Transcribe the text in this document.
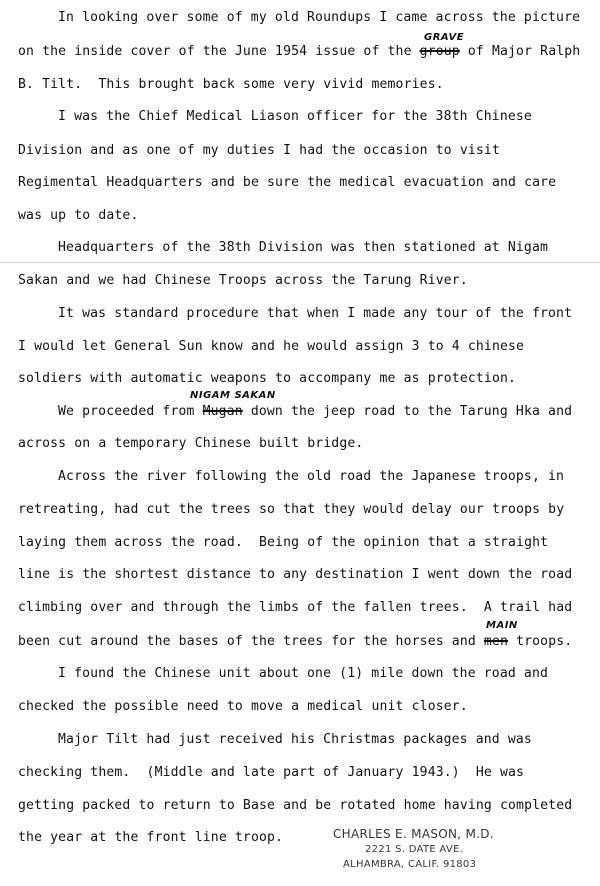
In looking over some of my old Roundups I came across the picture
on the inside cover of the June 1954 issue of the group of Major Ralph
GRAVE
B. Tilt.  This brought back some very vivid memories.
I was the Chief Medical Liason officer for the 38th Chinese
Division and as one of my duties I had the occasion to visit
Regimental Headquarters and be sure the medical evacuation and care
was up to date.
Headquarters of the 38th Division was then stationed at Nigam
Sakan and we had Chinese Troops across the Tarung River.
It was standard procedure that when I made any tour of the front
I would let General Sun know and he would assign 3 to 4 chinese
soldiers with automatic weapons to accompany me as protection.
We proceeded from Mugan down the jeep road to the Tarung Hka and
NIGAM SAKAN
across on a temporary Chinese built bridge.
Across the river following the old road the Japanese troops, in
retreating, had cut the trees so that they would delay our troops by
laying them across the road.  Being of the opinion that a straight
line is the shortest distance to any destination I went down the road
climbing over and through the limbs of the fallen trees.  A trail had
been cut around the bases of the trees for the horses and men troops.
MAIN
I found the Chinese unit about one (1) mile down the road and
checked the possible need to move a medical unit closer.
Major Tilt had just received his Christmas packages and was
checking them.  (Middle and late part of January 1943.)  He was
getting packed to return to Base and be rotated home having completed
the year at the front line troop.	CHARLES E. MASON, M.D.
2221 S. DATE AVE.
ALHAMBRA, CALIF. 91803
